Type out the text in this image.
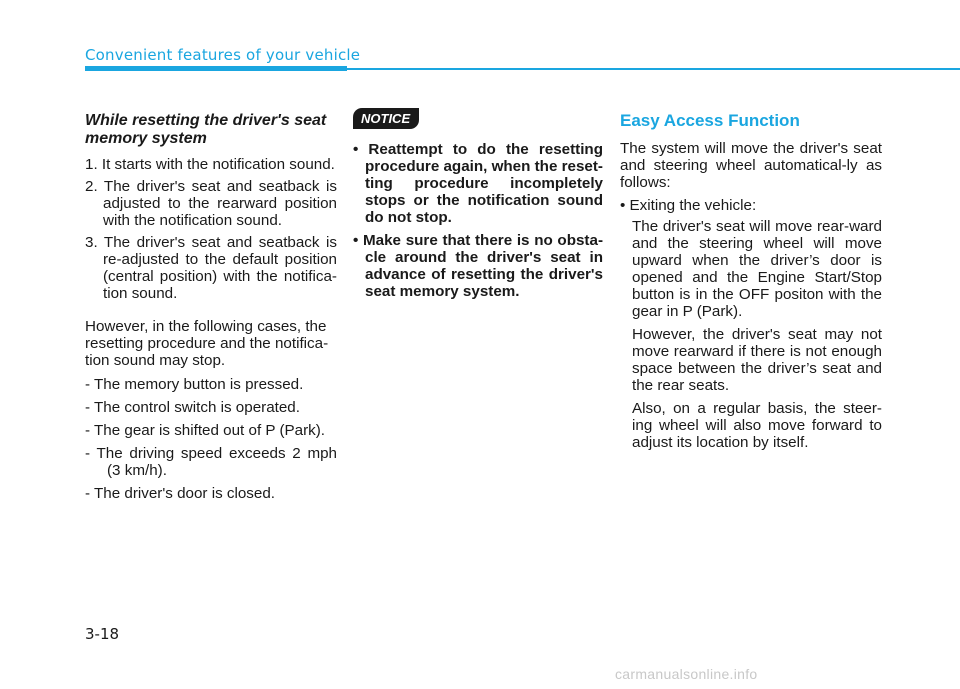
Convenient features of your vehicle
While resetting the driver's seat memory system
1. It starts with the notification sound.
2. The driver's seat and seatback is adjusted to the rearward position with the notification sound.
3. The driver's seat and seatback is re-adjusted to the default position (central position) with the notifica-tion sound.
However, in the following cases, the resetting procedure and the notifica-tion sound may stop.
- The memory button is pressed.
- The control switch is operated.
- The gear is shifted out of P (Park).
- The driving speed exceeds 2 mph (3 km/h).
- The driver's door is closed.
NOTICE
• Reattempt to do the resetting procedure again, when the reset-ting procedure incompletely stops or the notification sound do not stop.
• Make sure that there is no obsta-cle around the driver's seat in advance of resetting the driver's seat memory system.
Easy Access Function
The system will move the driver's seat and steering wheel automatical-ly as follows:
• Exiting the vehicle:
The driver's seat will move rear-ward and the steering wheel will move upward when the driver’s door is opened and the Engine Start/Stop button is in the OFF positon with the gear in P (Park).
However, the driver's seat may not move rearward if there is not enough space between the driver’s seat and the rear seats.
Also, on a regular basis, the steer-ing wheel will also move forward to adjust its location by itself.
3-18
carmanualsonline.info
